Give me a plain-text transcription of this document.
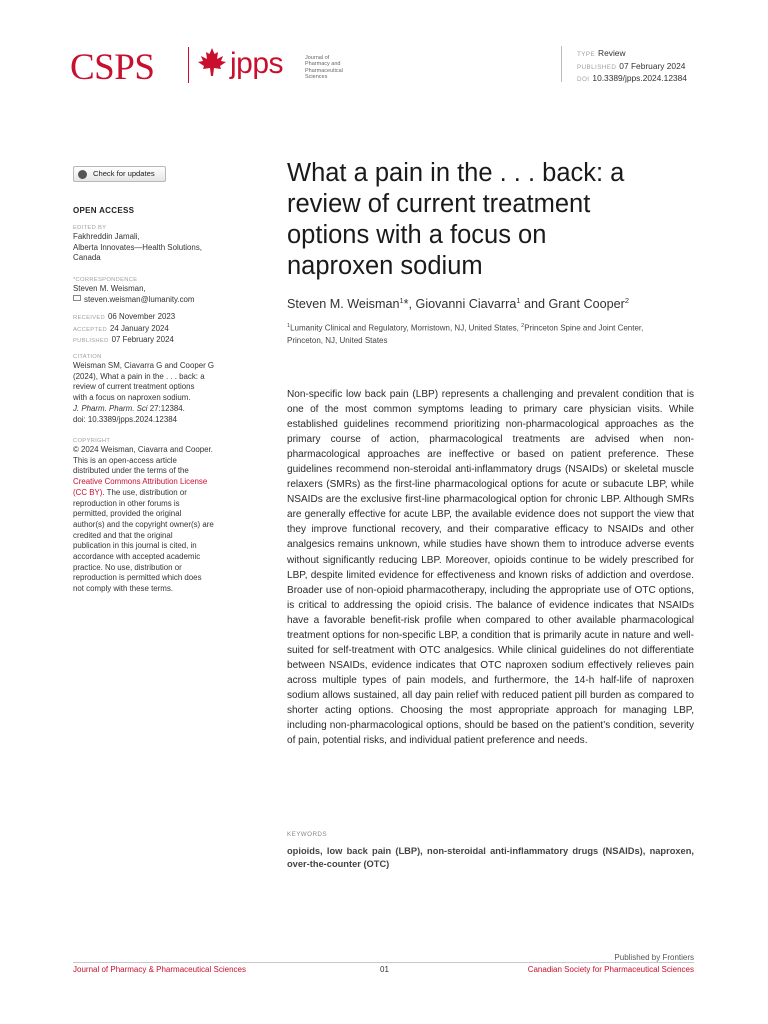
CSPS	jpps	Journal of
Pharmacy and
Pharmaceutical
Sciences
TYPE Review
PUBLISHED 07 February 2024
DOI 10.3389/jpps.2024.12384
Check for updates
OPEN ACCESS
EDITED BY
Fakhreddin Jamali,
Alberta Innovates—Health Solutions,
Canada
*CORRESPONDENCE
Steven M. Weisman,
steven.weisman@lumanity.com
RECEIVED 06 November 2023
ACCEPTED 24 January 2024
PUBLISHED 07 February 2024
CITATION
Weisman SM, Ciavarra G and Cooper G
(2024), What a pain in the . . . back: a
review of current treatment options
with a focus on naproxen sodium.
J. Pharm. Pharm. Sci 27:12384.
doi: 10.3389/jpps.2024.12384
COPYRIGHT
© 2024 Weisman, Ciavarra and Cooper.
This is an open-access article
distributed under the terms of the
Creative Commons Attribution License
(CC BY). The use, distribution or
reproduction in other forums is
permitted, provided the original
author(s) and the copyright owner(s) are
credited and that the original
publication in this journal is cited, in
accordance with accepted academic
practice. No use, distribution or
reproduction is permitted which does
not comply with these terms.
What a pain in the . . . back: a
review of current treatment
options with a focus on
naproxen sodium
Steven M. Weisman$^1$*, Giovanni Ciavarra$^1$ and Grant Cooper$^2$
$^1$Lumanity Clinical and Regulatory, Morristown, NJ, United States, $^2$Princeton Spine and Joint Center,
Princeton, NJ, United States
Non-specific low back pain (LBP) represents a challenging and prevalent condition that is one of the most common symptoms leading to primary care physician visits. While established guidelines recommend prioritizing non-pharmacological approaches as the primary course of action, pharmacological treatments are advised when non-pharmacological approaches are ineffective or based on patient preference. These guidelines recommend non-steroidal anti-inflammatory drugs (NSAIDs) or skeletal muscle relaxers (SMRs) as the first-line pharmacological options for acute or subacute LBP, while NSAIDs are the exclusive first-line pharmacological option for chronic LBP. Although SMRs are generally effective for acute LBP, the available evidence does not support the view that they improve functional recovery, and their comparative efficacy to NSAIDs and other analgesics remains unknown, while studies have shown them to introduce adverse events without significantly reducing LBP. Moreover, opioids continue to be widely prescribed for LBP, despite limited evidence for effectiveness and known risks of addiction and overdose. Broader use of non-opioid pharmacotherapy, including the appropriate use of OTC options, is critical to addressing the opioid crisis. The balance of evidence indicates that NSAIDs have a favorable benefit-risk profile when compared to other available pharmacological treatment options for non-specific LBP, a condition that is primarily acute in nature and well-suited for self-treatment with OTC analgesics. While clinical guidelines do not differentiate between NSAIDs, evidence indicates that OTC naproxen sodium effectively relieves pain across multiple types of pain models, and furthermore, the 14-h half-life of naproxen sodium allows sustained, all day pain relief with reduced patient pill burden as compared to shorter acting options. Choosing the most appropriate approach for managing LBP, including non-pharmacological options, should be based on the patient’s condition, severity of pain, potential risks, and individual patient preference and needs.
KEYWORDS
opioids, low back pain (LBP), non-steroidal anti-inflammatory drugs (NSAIDs), naproxen, over-the-counter (OTC)
Published by Frontiers
Journal of Pharmacy & Pharmaceutical Sciences	01	Canadian Society for Pharmaceutical Sciences
